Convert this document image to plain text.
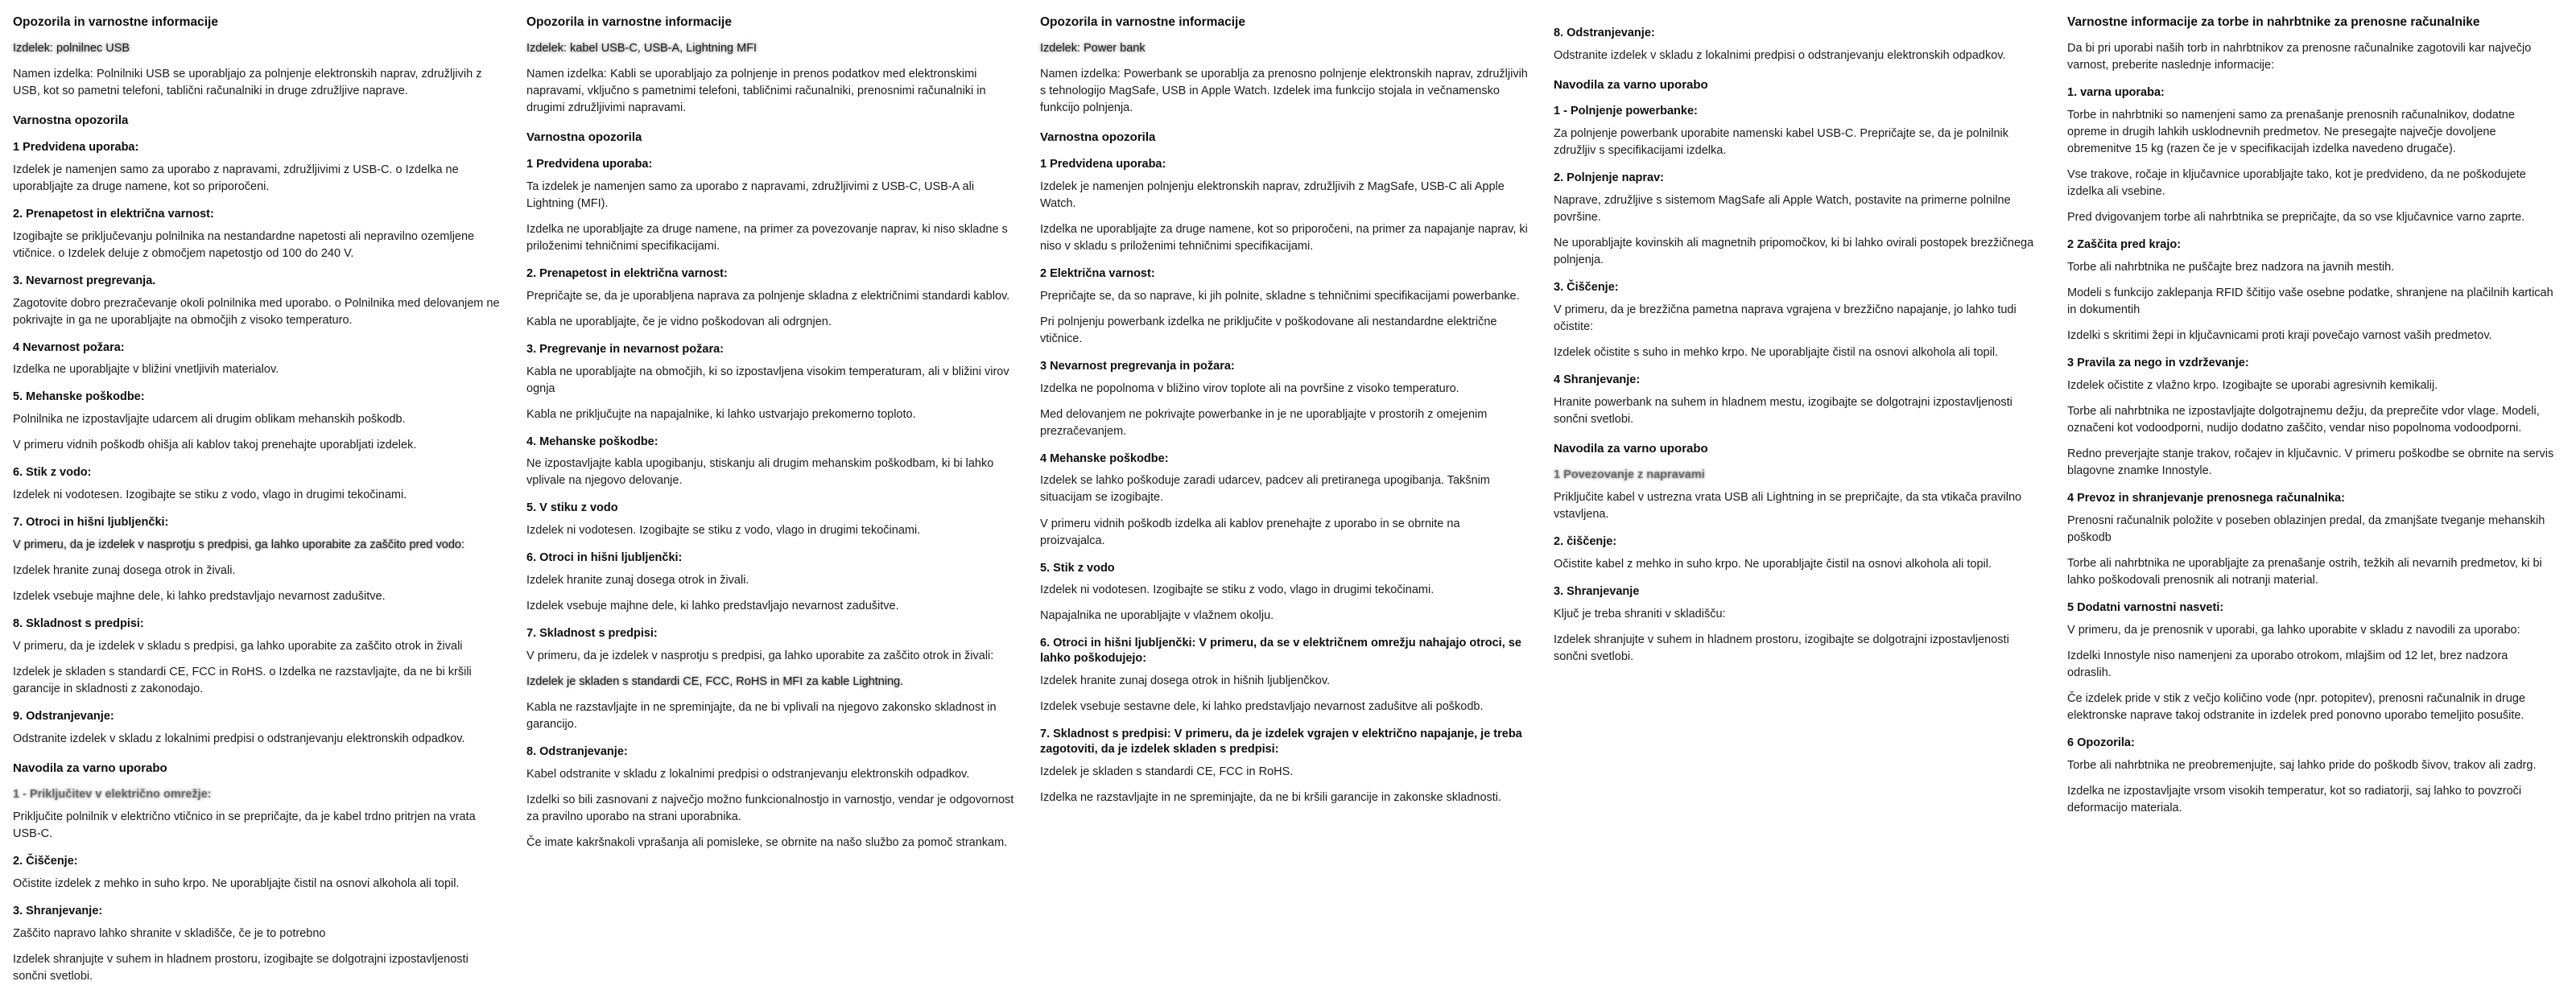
Opozorila in varnostne informacije

Izdelek: polnilnec USB

Namen izdelka: Polnilniki USB se uporabljajo za polnjenje elektronskih naprav, združljivih z USB, kot so pametni telefoni, tablični računalniki in druge združljive naprave.

Varnostna opozorila
1 Predvidena uporaba:

Izdelek je namenjen samo za uporabo z napravami, združljivimi z USB-C. o Izdelka ne uporabljajte za druge namene, kot so priporočeni.

2. Prenapetost in električna varnost:

Izogibajte se priključevanju polnilnika na nestandardne napetosti ali nepravilno ozemljene vtičnice. o Izdelek deluje z območjem napetostjo od 100 do 240 V.

3. Nevarnost pregrevanja.

Zagotovite dobro prezračevanje okoli polnilnika med uporabo. o Polnilnika med delovanjem ne pokrivajte in ga ne uporabljajte na območjih z visoko temperaturo.

4 Nevarnost požara:

Izdelka ne uporabljajte v bližini vnetljivih materialov.

5. Mehanske poškodbe:

Polnilnika ne izpostavljajte udarcem ali drugim oblikam mehanskih poškodb.

V primeru vidnih poškodb ohišja ali kablov takoj prenehajte uporabljati izdelek.

6. Stik z vodo:

Izdelek ni vodotesen. Izogibajte se stiku z vodo, vlago in drugimi tekočinami.

7. Otroci in hišni ljubljenčki:

V primeru, da je izdelek v nasprotju s predpisi, ga lahko uporabite za zaščito pred vodo:

Izdelek hranite zunaj dosega otrok in živali.

Izdelek vsebuje majhne dele, ki lahko predstavljajo nevarnost zadušitve.

8. Skladnost s predpisi:

V primeru, da je izdelek v skladu s predpisi, ga lahko uporabite za zaščito otrok in živali

Izdelek je skladen s standardi CE, FCC in RoHS. o Izdelka ne razstavljajte, da ne bi kršili garancije in skladnosti z zakonodajo.

9. Odstranjevanje:

Odstranite izdelek v skladu z lokalnimi predpisi o odstranjevanju elektronskih odpadkov.

Navodila za varno uporabo
1 - Priključitev v električno omrežje:

Priključite polnilnik v električno vtičnico in se prepričajte, da je kabel trdno pritrjen na vrata USB-C.

2. Čiščenje:

Očistite izdelek z mehko in suho krpo. Ne uporabljajte čistil na osnovi alkohola ali topil.

3. Shranjevanje:

Zaščito napravo lahko shranite v skladišče, če je to potrebno

Izdelek shranjujte v suhem in hladnem prostoru, izogibajte se dolgotrajni izpostavljenosti sončni svetlobi.

Opozorila in varnostne informacije

Izdelek: kabel USB-C, USB-A, Lightning MFI

Namen izdelka: Kabli se uporabljajo za polnjenje in prenos podatkov med elektronskimi napravami, vključno s pametnimi telefoni, tabličnimi računalniki, prenosnimi računalniki in drugimi združljivimi napravami.

Varnostna opozorila
1 Predvidena uporaba:

Ta izdelek je namenjen samo za uporabo z napravami, združljivimi z USB-C, USB-A ali Lightning (MFI).

Izdelka ne uporabljajte za druge namene, na primer za povezovanje naprav, ki niso skladne s priloženimi tehničnimi specifikacijami.

2. Prenapetost in električna varnost:

Prepričajte se, da je uporabljena naprava za polnjenje skladna z električnimi standardi kablov.

Kabla ne uporabljajte, če je vidno poškodovan ali odrgnjen.

3. Pregrevanje in nevarnost požara:

Kabla ne uporabljajte na območjih, ki so izpostavljena visokim temperaturam, ali v bližini virov ognja

Kabla ne priključujte na napajalnike, ki lahko ustvarjajo prekomerno toploto.

4. Mehanske poškodbe:

Ne izpostavljajte kabla upogibanju, stiskanju ali drugim mehanskim poškodbam, ki bi lahko vplivale na njegovo delovanje.

5. V stiku z vodo

Izdelek ni vodotesen. Izogibajte se stiku z vodo, vlago in drugimi tekočinami.

6. Otroci in hišni ljubljenčki:

Izdelek hranite zunaj dosega otrok in živali.

Izdelek vsebuje majhne dele, ki lahko predstavljajo nevarnost zadušitve.

7. Skladnost s predpisi:

V primeru, da je izdelek v nasprotju s predpisi, ga lahko uporabite za zaščito otrok in živali:

Izdelek je skladen s standardi CE, FCC, RoHS in MFI za kable Lightning.

Kabla ne razstavljajte in ne spreminjajte, da ne bi vplivali na njegovo zakonsko skladnost in garancijo.

8. Odstranjevanje:

Kabel odstranite v skladu z lokalnimi predpisi o odstranjevanju elektronskih odpadkov.

Izdelki so bili zasnovani z največjo možno funkcionalnostjo in varnostjo, vendar je odgovornost za pravilno uporabo na strani uporabnika.

Če imate kakršnakoli vprašanja ali pomisleke, se obrnite na našo službo za pomoč strankam.

Opozorila in varnostne informacije

Izdelek: Power bank

Namen izdelka: Powerbank se uporablja za prenosno polnjenje elektronskih naprav, združljivih s tehnologijo MagSafe, USB in Apple Watch. Izdelek ima funkcijo stojala in večnamensko funkcijo polnjenja.

Varnostna opozorila
1 Predvidena uporaba:

Izdelek je namenjen polnjenju elektronskih naprav, združljivih z MagSafe, USB-C ali Apple Watch.

Izdelka ne uporabljajte za druge namene, kot so priporočeni, na primer za napajanje naprav, ki niso v skladu s priloženimi tehničnimi specifikacijami.

2 Električna varnost:

Prepričajte se, da so naprave, ki jih polnite, skladne s tehničnimi specifikacijami powerbanke.

Pri polnjenju powerbank izdelka ne priključite v poškodovane ali nestandardne električne vtičnice.

3 Nevarnost pregrevanja in požara:

Izdelka ne popolnoma v bližino virov toplote ali na površine z visoko temperaturo.

Med delovanjem ne pokrivajte powerbanke in je ne uporabljajte v prostorih z omejenim prezračevanjem.

4 Mehanske poškodbe:

Izdelek se lahko poškoduje zaradi udarcev, padcev ali pretiranega upogibanja. Takšnim situacijam se izogibajte.

V primeru vidnih poškodb izdelka ali kablov prenehajte z uporabo in se obrnite na proizvajalca.

5. Stik z vodo

Izdelek ni vodotesen. Izogibajte se stiku z vodo, vlago in drugimi tekočinami.

Napajalnika ne uporabljajte v vlažnem okolju.

6. Otroci in hišni ljubljenčki: V primeru, da se v električnem omrežju nahajajo otroci, se lahko poškodujejo:

Izdelek hranite zunaj dosega otrok in hišnih ljubljenčkov.

Izdelek vsebuje sestavne dele, ki lahko predstavljajo nevarnost zadušitve ali poškodb.

7. Skladnost s predpisi: V primeru, da je izdelek vgrajen v električno napajanje, je treba zagotoviti, da je izdelek skladen s predpisi:

Izdelek je skladen s standardi CE, FCC in RoHS.

Izdelka ne razstavljajte in ne spreminjajte, da ne bi kršili garancije in zakonske skladnosti.

8. Odstranjevanje:

Odstranite izdelek v skladu z lokalnimi predpisi o odstranjevanju elektronskih odpadkov.

Navodila za varno uporabo
1 - Polnjenje powerbanke:

Za polnjenje powerbank uporabite namenski kabel USB-C. Prepričajte se, da je polnilnik združljiv s specifikacijami izdelka.

2. Polnjenje naprav:

Naprave, združljive s sistemom MagSafe ali Apple Watch, postavite na primerne polnilne površine.

Ne uporabljajte kovinskih ali magnetnih pripomočkov, ki bi lahko ovirali postopek brezžičnega polnjenja.

3. Čiščenje:

V primeru, da je brezžična pametna naprava vgrajena v brezžično napajanje, jo lahko tudi očistite:

Izdelek očistite s suho in mehko krpo. Ne uporabljajte čistil na osnovi alkohola ali topil.

4 Shranjevanje:

Hranite powerbank na suhem in hladnem mestu, izogibajte se dolgotrajni izpostavljenosti sončni svetlobi.

Navodila za varno uporabo
1 Povezovanje z napravami

Priključite kabel v ustrezna vrata USB ali Lightning in se prepričajte, da sta vtikača pravilno vstavljena.

2. čiščenje:

Očistite kabel z mehko in suho krpo. Ne uporabljajte čistil na osnovi alkohola ali topil.

3. Shranjevanje

Ključ je treba shraniti v skladišču:

Izdelek shranjujte v suhem in hladnem prostoru, izogibajte se dolgotrajni izpostavljenosti sončni svetlobi.

Varnostne informacije za torbe in nahrbtnike za prenosne računalnike

Da bi pri uporabi naših torb in nahrbtnikov za prenosne računalnike zagotovili kar največjo varnost, preberite naslednje informacije:

1. varna uporaba:

Torbe in nahrbtniki so namenjeni samo za prenašanje prenosnih računalnikov, dodatne opreme in drugih lahkih usklodnevnih predmetov. Ne presegajte največje dovoljene obremenitve 15 kg (razen če je v specifikacijah izdelka navedeno drugače).

Vse trakove, ročaje in ključavnice uporabljajte tako, kot je predvideno, da ne poškodujete izdelka ali vsebine.

Pred dvigovanjem torbe ali nahrbtnika se prepričajte, da so vse ključavnice varno zaprte.

2 Zaščita pred krajo:

Torbe ali nahrbtnika ne puščajte brez nadzora na javnih mestih.

Modeli s funkcijo zaklepanja RFID ščitijo vaše osebne podatke, shranjene na plačilnih karticah in dokumentih

Izdelki s skritimi žepi in ključavnicami proti kraji povečajo varnost vaših predmetov.

3 Pravila za nego in vzdrževanje:

Izdelek očistite z vlažno krpo. Izogibajte se uporabi agresivnih kemikalij.

Torbe ali nahrbtnika ne izpostavljajte dolgotrajnemu dežju, da preprečite vdor vlage. Modeli, označeni kot vodoodporni, nudijo dodatno zaščito, vendar niso popolnoma vodoodporni.

Redno preverjajte stanje trakov, ročajev in ključavnic. V primeru poškodbe se obrnite na servis blagovne znamke Innostyle.

4 Prevoz in shranjevanje prenosnega računalnika:

Prenosni računalnik položite v poseben oblazinjen predal, da zmanjšate tveganje mehanskih poškodb

Torbe ali nahrbtnika ne uporabljajte za prenašanje ostrih, težkih ali nevarnih predmetov, ki bi lahko poškodovali prenosnik ali notranji material.

5 Dodatni varnostni nasveti:

V primeru, da je prenosnik v uporabi, ga lahko uporabite v skladu z navodili za uporabo:

Izdelki Innostyle niso namenjeni za uporabo otrokom, mlajšim od 12 let, brez nadzora odraslih.

Če izdelek pride v stik z večjo količino vode (npr. potopitev), prenosni računalnik in druge elektronske naprave takoj odstranite in izdelek pred ponovno uporabo temeljito posušite.

6 Opozorila:

Torbe ali nahrbtnika ne preobremenjujte, saj lahko pride do poškodb šivov, trakov ali zadrg.

Izdelka ne izpostavljajte vrsom visokih temperatur, kot so radiatorji, saj lahko to povzroči deformacijo materiala.
